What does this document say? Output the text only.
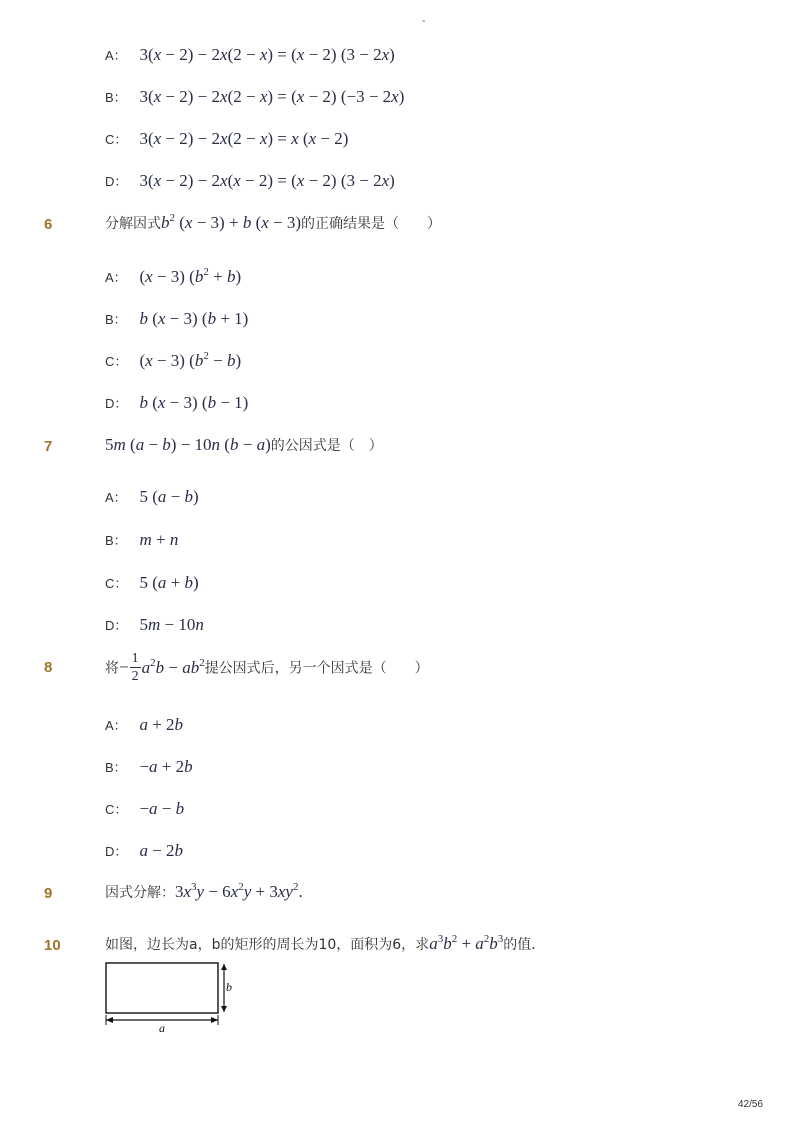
-
A： 3(x − 2) − 2x(2 − x) = (x − 2) (3 − 2x)
B： 3(x − 2) − 2x(2 − x) = (x − 2) (−3 − 2x)
C： 3(x − 2) − 2x(2 − x) = x (x − 2)
D： 3(x − 2) − 2x(x − 2) = (x − 2) (3 − 2x)
6	分解因式$b^2$ (x − 3) + b (x − 3)的正确结果是（　　）
A： (x − 3) $(b^2 + b)$
B： b (x − 3) (b + 1)
C： (x − 3) $(b^2 - b)$
D： b (x − 3) (b − 1)
7	5m (a − b) − 10n (b − a)的公因式是（　）
A： 5 (a − b)
B： m + n
C： 5 (a + b)
D： 5m − 10n
8	将− $\frac{1}{2} a^2b - ab^2$提公因式后，另一个因式是（　　）
A： a + 2b
B： −a + 2b
C： −a − b
D： a − 2b
9	因式分解：$3x^3y - 6x^2y + 3xy^2$.
10	如图，边长为a，b的矩形的周长为10，面积为6，求$a^3b^2 + a^2b^3$的值．
b
a
42/56
